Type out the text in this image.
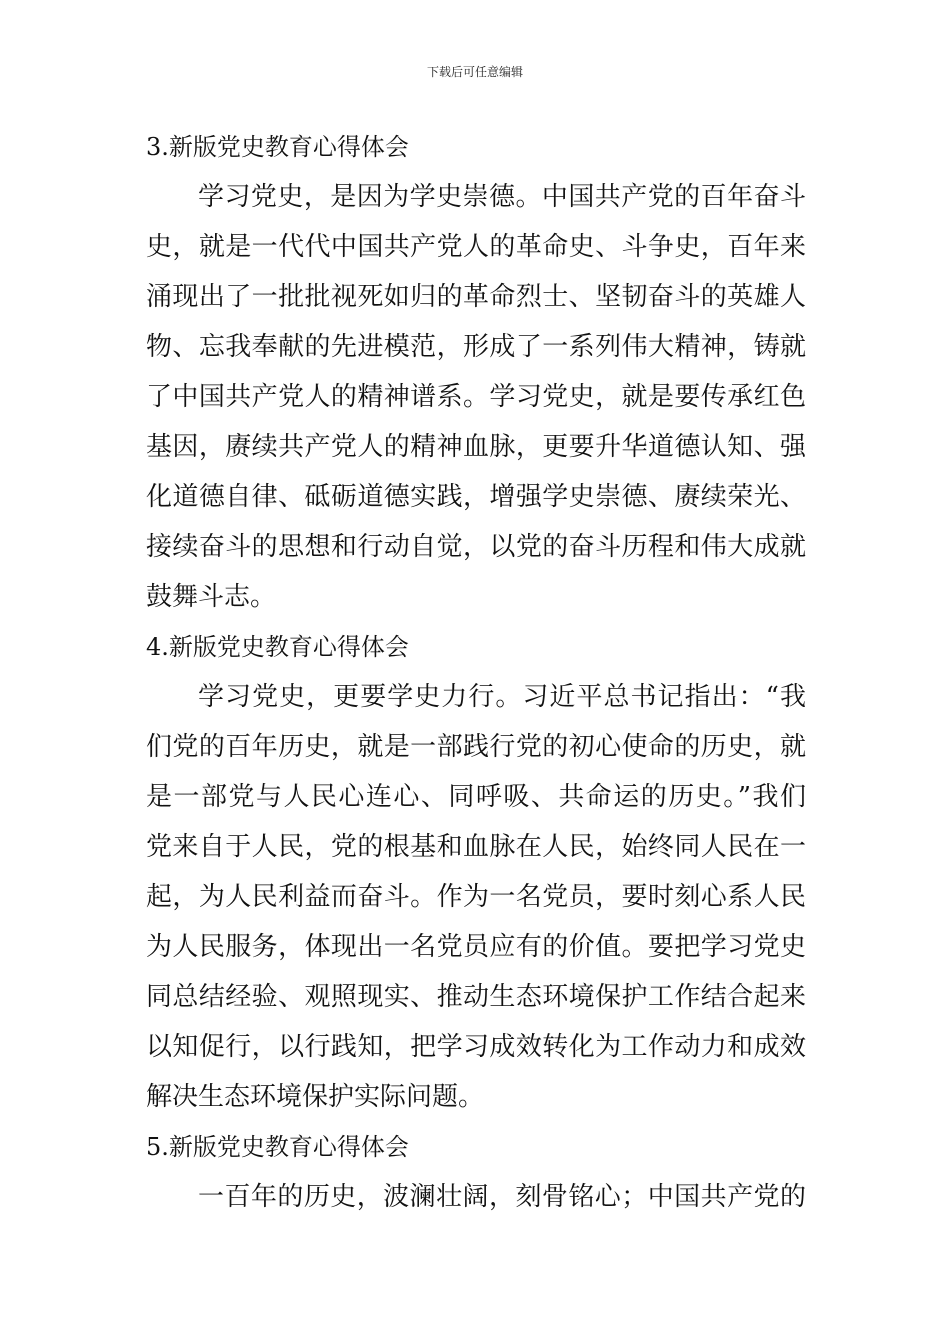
下载后可任意编辑
3.新版党史教育心得体会
学习党史，是因为学史崇德。中国共产党的百年奋斗
史，就是一代代中国共产党人的革命史、斗争史，百年来
涌现出了一批批视死如归的革命烈士、坚韧奋斗的英雄人
物、忘我奉献的先进模范，形成了一系列伟大精神，铸就
了中国共产党人的精神谱系。学习党史，就是要传承红色
基因，赓续共产党人的精神血脉，更要升华道德认知、强
化道德自律、砥砺道德实践，增强学史崇德、赓续荣光、
接续奋斗的思想和行动自觉，以党的奋斗历程和伟大成就
鼓舞斗志。
4.新版党史教育心得体会
学习党史，更要学史力行。习近平总书记指出：“我
们党的百年历史，就是一部践行党的初心使命的历史，就
是一部党与人民心连心、同呼吸、共命运的历史。”我们
党来自于人民，党的根基和血脉在人民，始终同人民在一
起，为人民利益而奋斗。作为一名党员，要时刻心系人民
为人民服务，体现出一名党员应有的价值。要把学习党史
同总结经验、观照现实、推动生态环境保护工作结合起来
以知促行，以行践知，把学习成效转化为工作动力和成效
解决生态环境保护实际问题。
5.新版党史教育心得体会
一百年的历史，波澜壮阔，刻骨铭心；中国共产党的
